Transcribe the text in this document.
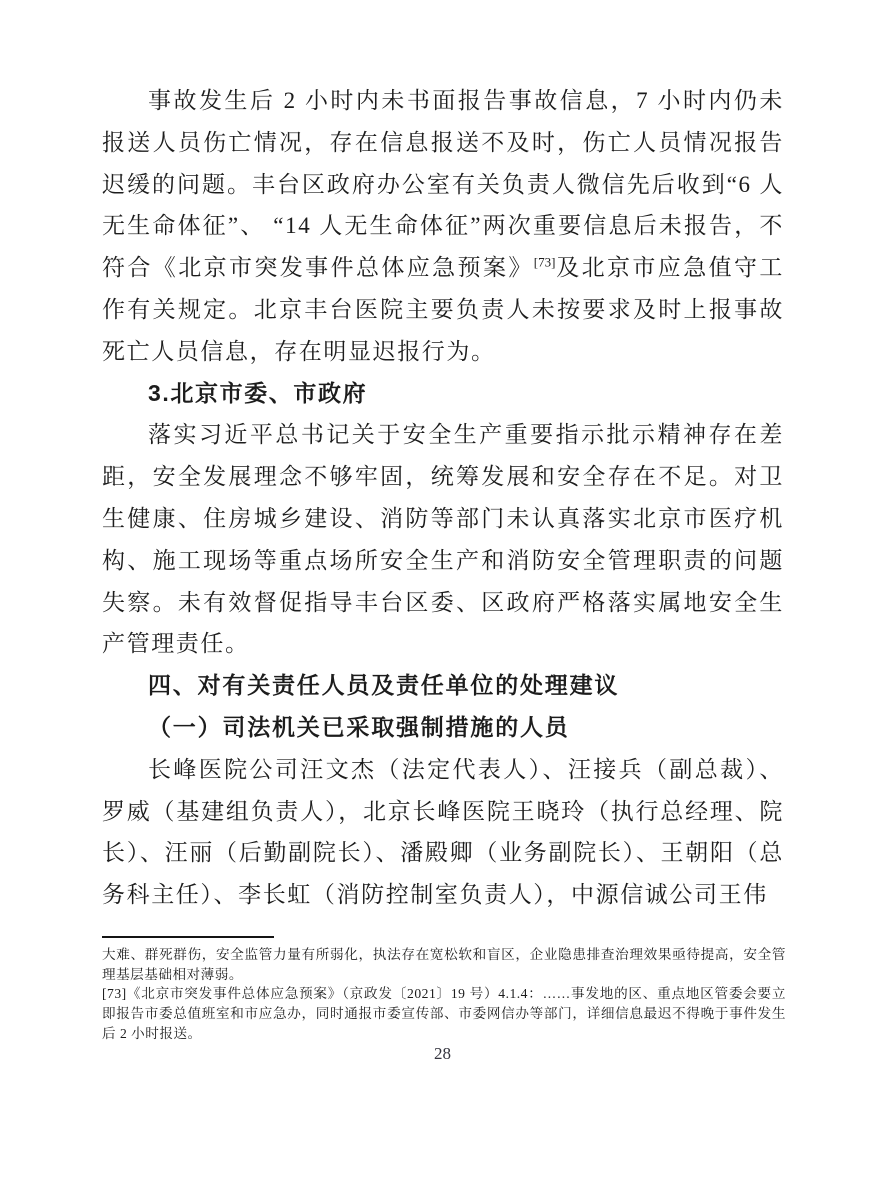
事故发生后 2 小时内未书面报告事故信息，7 小时内仍未报送人员伤亡情况，存在信息报送不及时，伤亡人员情况报告迟缓的问题。丰台区政府办公室有关负责人微信先后收到“6 人无生命体征”、 “14 人无生命体征”两次重要信息后未报告，不符合《北京市突发事件总体应急预案》[73]及北京市应急值守工作有关规定。北京丰台医院主要负责人未按要求及时上报事故死亡人员信息，存在明显迟报行为。

3.北京市委、市政府

落实习近平总书记关于安全生产重要指示批示精神存在差距，安全发展理念不够牢固，统筹发展和安全存在不足。对卫生健康、住房城乡建设、消防等部门未认真落实北京市医疗机构、施工现场等重点场所安全生产和消防安全管理职责的问题失察。未有效督促指导丰台区委、区政府严格落实属地安全生产管理责任。

四、对有关责任人员及责任单位的处理建议
（一）司法机关已采取强制措施的人员

长峰医院公司汪文杰（法定代表人）、汪接兵（副总裁）、罗威（基建组负责人），北京长峰医院王晓玲（执行总经理、院长）、汪丽（后勤副院长）、潘殿卿（业务副院长）、王朝阳（总务科主任）、李长虹（消防控制室负责人），中源信诚公司王伟

大难、群死群伤，安全监管力量有所弱化，执法存在宽松软和盲区，企业隐患排查治理效果亟待提高，安全管理基层基础相对薄弱。

[73]《北京市突发事件总体应急预案》（京政发〔2021〕19 号）4.1.4：……事发地的区、重点地区管委会要立即报告市委总值班室和市应急办，同时通报市委宣传部、市委网信办等部门，详细信息最迟不得晚于事件发生后 2 小时报送。

28
